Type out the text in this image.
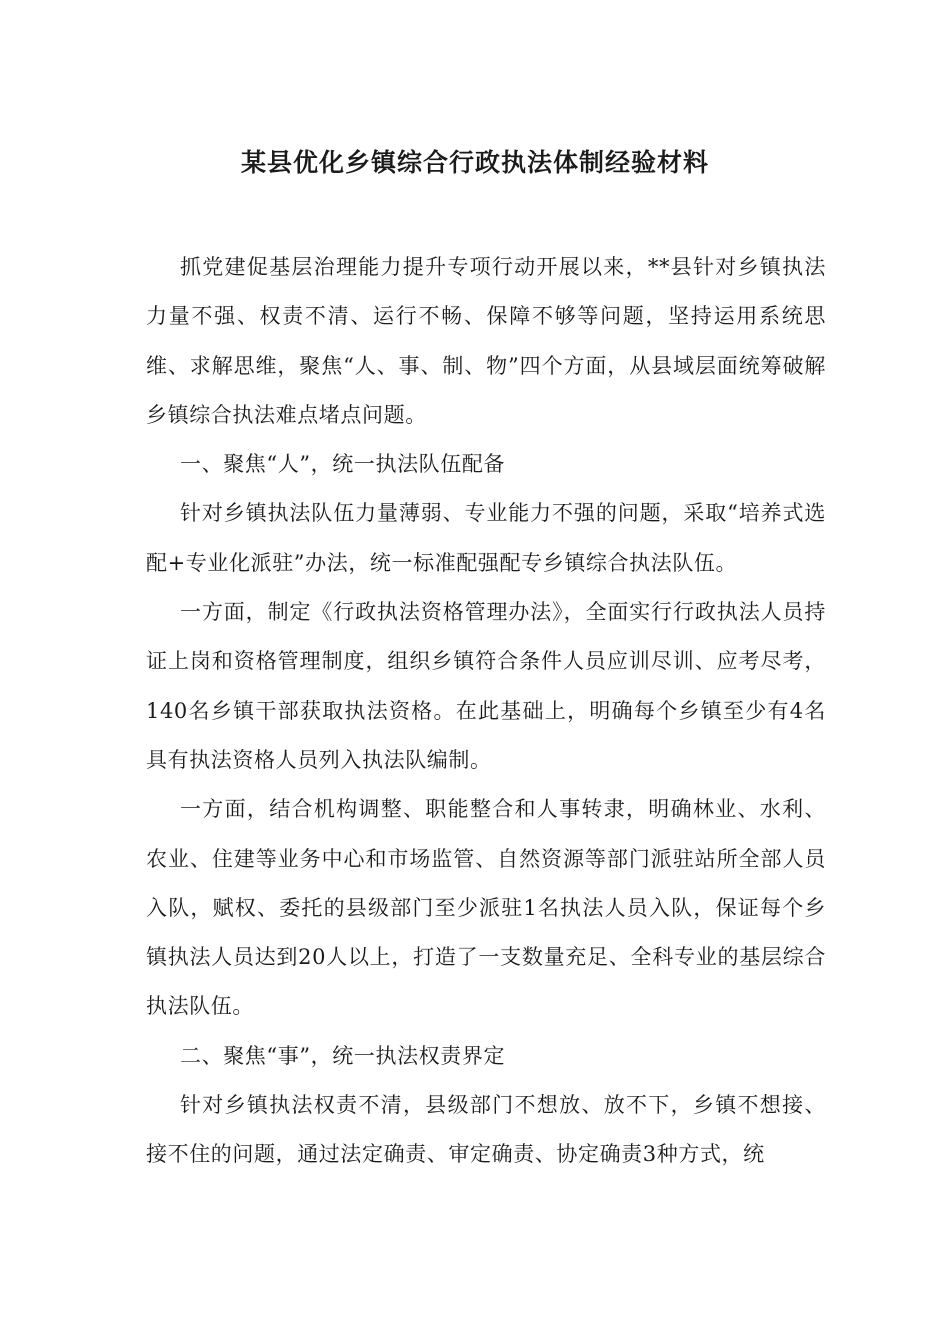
某县优化乡镇综合行政执法体制经验材料

抓党建促基层治理能力提升专项行动开展以来，**县针对乡镇执法力量不强、权责不清、运行不畅、保障不够等问题，坚持运用系统思维、求解思维，聚焦“人、事、制、物”四个方面，从县域层面统筹破解乡镇综合执法难点堵点问题。

一、聚焦“人”，统一执法队伍配备

针对乡镇执法队伍力量薄弱、专业能力不强的问题，采取“培养式选配+专业化派驻”办法，统一标准配强配专乡镇综合执法队伍。

一方面，制定《行政执法资格管理办法》，全面实行行政执法人员持证上岗和资格管理制度，组织乡镇符合条件人员应训尽训、应考尽考，140名乡镇干部获取执法资格。在此基础上，明确每个乡镇至少有4名具有执法资格人员列入执法队编制。

一方面，结合机构调整、职能整合和人事转隶，明确林业、水利、农业、住建等业务中心和市场监管、自然资源等部门派驻站所全部人员入队，赋权、委托的县级部门至少派驻1名执法人员入队，保证每个乡镇执法人员达到20人以上，打造了一支数量充足、全科专业的基层综合执法队伍。

二、聚焦“事”，统一执法权责界定

针对乡镇执法权责不清，县级部门不想放、放不下，乡镇不想接、接不住的问题，通过法定确责、审定确责、协定确责3种方式，统
